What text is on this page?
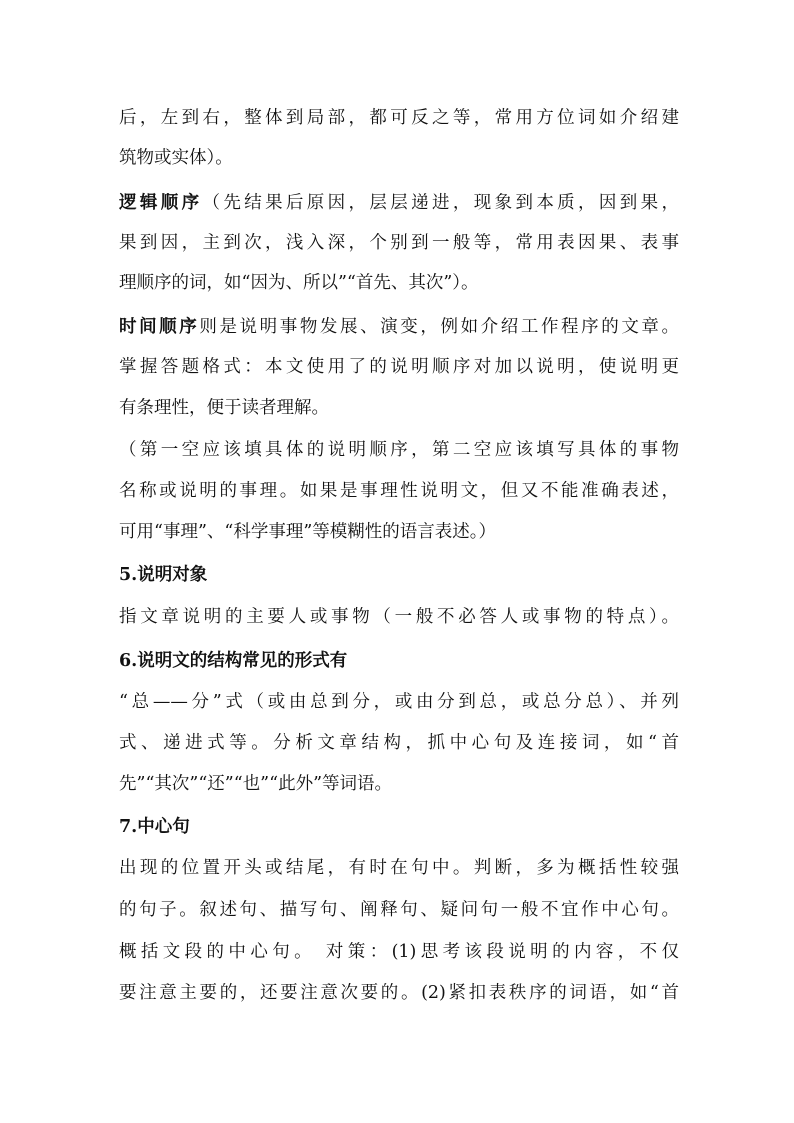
后，左到右，整体到局部，都可反之等，常用方位词如介绍建
筑物或实体）。
逻辑顺序（先结果后原因，层层递进，现象到本质，因到果，
果到因，主到次，浅入深，个别到一般等，常用表因果、表事
理顺序的词，如“因为、所以”“首先、其次”）。
时间顺序则是说明事物发展、演变，例如介绍工作程序的文章。
掌握答题格式：本文使用了的说明顺序对加以说明，使说明更
有条理性，便于读者理解。
（第一空应该填具体的说明顺序，第二空应该填写具体的事物
名称或说明的事理。如果是事理性说明文，但又不能准确表述，
可用“事理”、“科学事理”等模糊性的语言表述。）
5.说明对象
指文章说明的主要人或事物（一般不必答人或事物的特点）。
6.说明文的结构常见的形式有
“总——分”式（或由总到分，或由分到总，或总分总）、并列
式、递进式等。分析文章结构，抓中心句及连接词，如“首
先”“其次”“还”“也”“此外”等词语。
7.中心句
出现的位置开头或结尾，有时在句中。判断，多为概括性较强
的句子。叙述句、描写句、阐释句、疑问句一般不宜作中心句。
概括文段的中心句。 对策：(1)思考该段说明的内容，不仅
要注意主要的，还要注意次要的。(2)紧扣表秩序的词语，如“首
